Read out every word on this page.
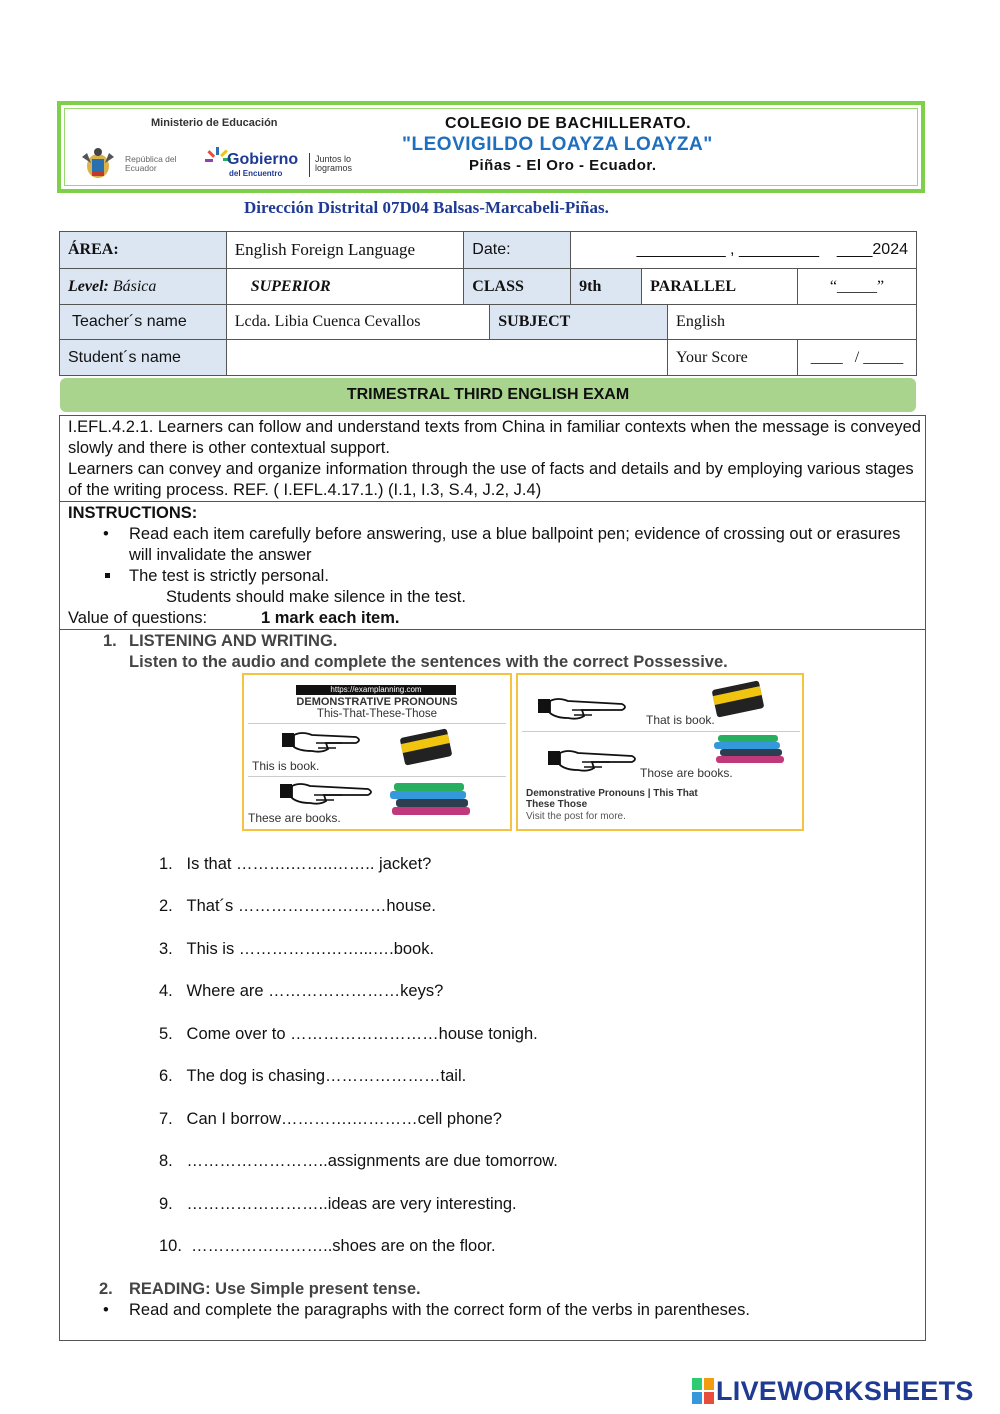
Ministerio de Educación
República del Ecuador	Gobierno
del Encuentro
Juntos lo logramos
COLEGIO DE BACHILLERATO.
"LEOVIGILDO LOAYZA LOAYZA"
Piñas - El Oro - Ecuador.
Dirección Distrital 07D04 Balsas-Marcabeli-Piñas.
ÁREA:	English Foreign Language	Date:		__________ , _________    ____2024			
Level: Básica	SUPERIOR	CLASS		9th	PARALLEL		“_____”
Teacher´s name	Lcda. Libia Cuenca Cevallos		SUBJECT			English	
Student´s name						Your Score	____   / _____
TRIMESTRAL THIRD ENGLISH EXAM
I.EFL.4.2.1. Learners can follow and understand texts from China in familiar contexts when the message is conveyed slowly and there is other contextual support.
Learners can convey and organize information through the use of facts and details and by employing various stages of the writing process. REF. ( I.EFL.4.17.1.) (I.1, I.3, S.4, J.2, J.4)
INSTRUCTIONS:
• Read each item carefully before answering, use a blue ballpoint pen; evidence of crossing out or erasures will invalidate the answer
The test is strictly personal.
Students should make silence in the test.
Value of questions:	1 mark each item.
1. LISTENING AND WRITING.
Listen to the audio and complete the sentences with the correct Possessive.
https://examplanning.com
DEMONSTRATIVE PRONOUNS
This-That-These-Those
This is book.
These are books.
That is book.
Those are books.
Demonstrative Pronouns | This That
These Those
Visit the post for more.
1. Is that ……….……..…….. jacket?
2. That´s ………………………house.
3. This is …………….……...….book.
4. Where are ……………………keys?
5. Come over to ………………………house tonigh.
6. The dog is chasing…………………tail.
7. Can I borrow………….…………cell phone?
8. ……………………..assignments are due tomorrow.
9. ……………………..ideas are very interesting.
10. ……………………..shoes are on the floor.
2. READING: Use Simple present tense.
• Read and complete the paragraphs with the correct form of the verbs in parentheses.
LIVEWORKSHEETS
